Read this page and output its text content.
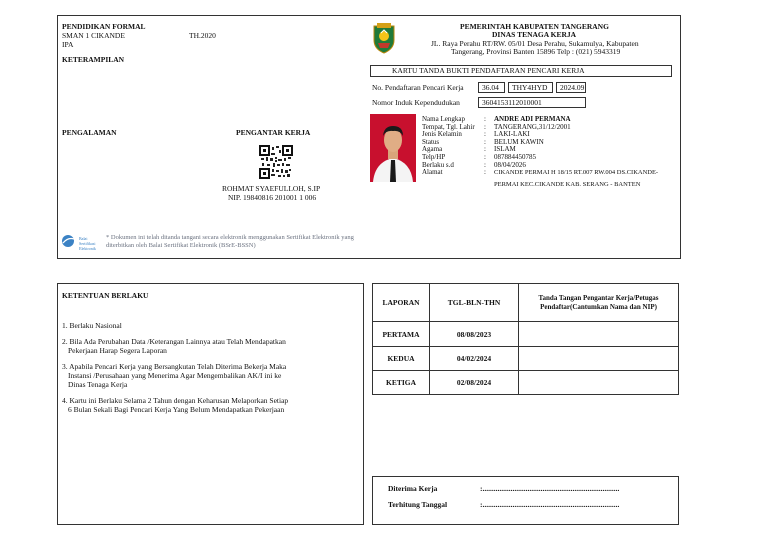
PENDIDIKAN FORMAL
SMAN 1 CIKANDE	TH.2020
IPA
KETERAMPILAN
PENGALAMAN	PENGANTAR KERJA
ROHMAT SYAEFULLOH, S.IP
NIP. 19840816 201001 1 006
Balai Sertifikasi Elektronik
* Dokumen ini telah ditanda tangani secara elektronik menggunakan Sertifikat Elektronik yang
diterbitkan oleh Balai Sertifikat Elektronik (BSrE-BSSN)
PEMERINTAH KABUPATEN TANGERANG
DINAS TENAGA KERJA
JL. Raya Perahu RT/RW. 05/01 Desa Perahu, Sukamulya, Kabupaten
Tangerang, Provinsi Banten 15896 Telp : (021) 5943319
KARTU TANDA BUKTI PENDAFTARAN PENCARI KERJA
No. Pendaftaran Pencari Kerja	36.04	THY4HYD	2024.09
Nomor Induk Kependudukan	3604153112010001
Nama Lengkap	: ANDRE ADI PERMANA
Tempat, Tgl. Lahir : TANGERANG,31/12/2001
Jenis Kelamin	: LAKI-LAKI
Status	: BELUM KAWIN
Agama	: ISLAM
Telp/HP	: 087884450785
Berlaku s.d	: 08/04/2026
Alamat	: CIKANDE PERMAI H 18/15 RT.007 RW.004 DS.CIKANDE-
PERMAI KEC.CIKANDE KAB. SERANG - BANTEN
KETENTUAN BERLAKU
1. Berlaku Nasional
2. Bila Ada Perubahan Data /Keterangan Lainnya atau Telah Mendapatkan
Pekerjaan Harap Segera Laporan
3. Apabila Pencari Kerja yang Bersangkutan Telah Diterima Bekerja Maka
Instansi /Perusahaan yang Menerima Agar Mengembalikan AK/I ini ke
Dinas Tenaga Kerja
4. Kartu ini Berlaku Selama 2 Tahun dengan Keharusan Melaporkan Setiap
6 Bulan Sekali Bagi Pencari Kerja Yang Belum Mendapatkan Pekerjaan
LAPORAN	TGL-BLN-THN	Tanda Tangan Pengantar Kerja/Petugas
Pendaftar(Cantumkan Nama dan NIP)

PERTAMA	08/08/2023	
KEDUA	04/02/2024	
KETIGA	02/08/2024	
Diterima Kerja	:.........................................................................
Terhitung Tanggal	:.........................................................................
